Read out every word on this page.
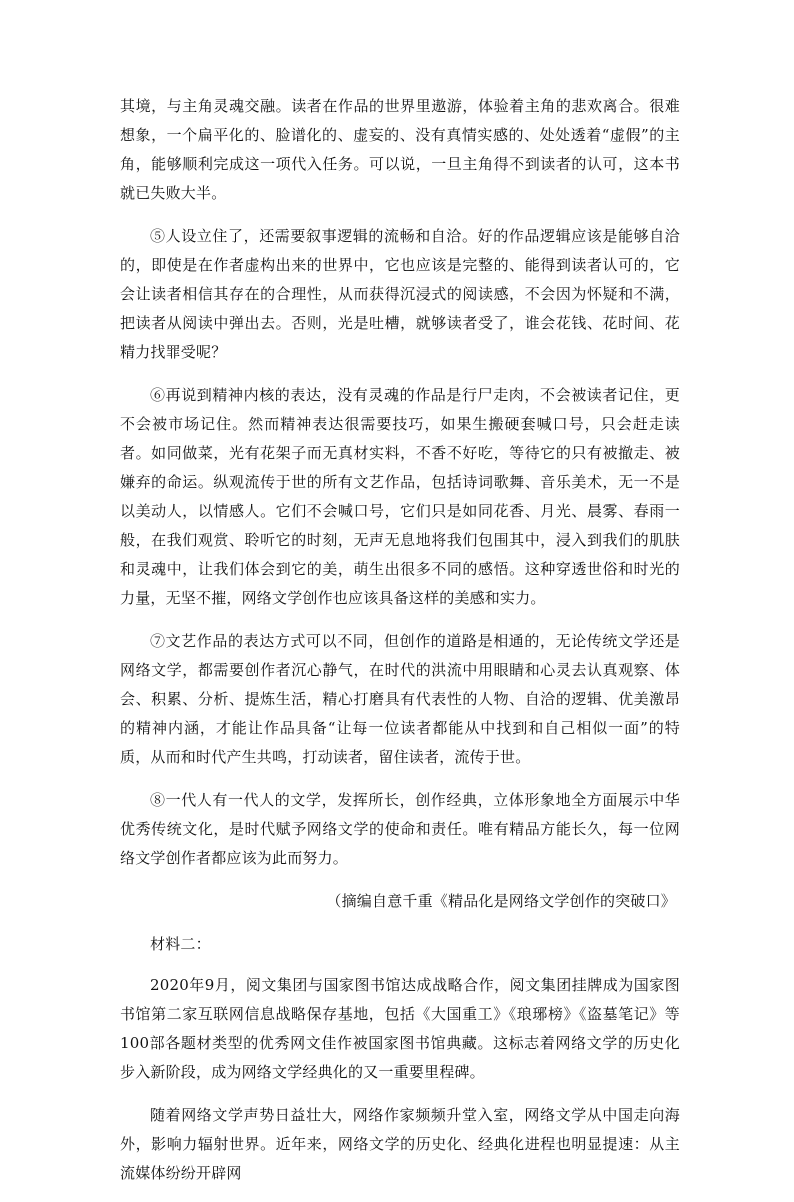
其境，与主角灵魂交融。读者在作品的世界里遨游，体验着主角的悲欢离合。很难想象，一个扁平化的、脸谱化的、虚妄的、没有真情实感的、处处透着“虚假”的主角，能够顺利完成这一项代入任务。可以说，一旦主角得不到读者的认可，这本书就已失败大半。

⑤人设立住了，还需要叙事逻辑的流畅和自洽。好的作品逻辑应该是能够自洽的，即使是在作者虚构出来的世界中，它也应该是完整的、能得到读者认可的，它会让读者相信其存在的合理性，从而获得沉浸式的阅读感，不会因为怀疑和不满，把读者从阅读中弹出去。否则，光是吐槽，就够读者受了，谁会花钱、花时间、花精力找罪受呢？

⑥再说到精神内核的表达，没有灵魂的作品是行尸走肉，不会被读者记住，更不会被市场记住。然而精神表达很需要技巧，如果生搬硬套喊口号，只会赶走读者。如同做菜，光有花架子而无真材实料，不香不好吃，等待它的只有被撤走、被嫌弃的命运。纵观流传于世的所有文艺作品，包括诗词歌舞、音乐美术，无一不是以美动人，以情感人。它们不会喊口号，它们只是如同花香、月光、晨雾、春雨一般，在我们观赏、聆听它的时刻，无声无息地将我们包围其中，浸入到我们的肌肤和灵魂中，让我们体会到它的美，萌生出很多不同的感悟。这种穿透世俗和时光的力量，无坚不摧，网络文学创作也应该具备这样的美感和实力。

⑦文艺作品的表达方式可以不同，但创作的道路是相通的，无论传统文学还是网络文学，都需要创作者沉心静气，在时代的洪流中用眼睛和心灵去认真观察、体会、积累、分析、提炼生活，精心打磨具有代表性的人物、自洽的逻辑、优美激昂的精神内涵，才能让作品具备“让每一位读者都能从中找到和自己相似一面”的特质，从而和时代产生共鸣，打动读者，留住读者，流传于世。

⑧一代人有一代人的文学，发挥所长，创作经典，立体形象地全方面展示中华优秀传统文化，是时代赋予网络文学的使命和责任。唯有精品方能长久，每一位网络文学创作者都应该为此而努力。

（摘编自意千重《精品化是网络文学创作的突破口》

材料二：

2020年9月，阅文集团与国家图书馆达成战略合作，阅文集团挂牌成为国家图书馆第二家互联网信息战略保存基地，包括《大国重工》《琅琊榜》《盗墓笔记》等100部各题材类型的优秀网文佳作被国家图书馆典藏。这标志着网络文学的历史化步入新阶段，成为网络文学经典化的又一重要里程碑。

随着网络文学声势日益壮大，网络作家频频升堂入室，网络文学从中国走向海外，影响力辐射世界。近年来，网络文学的历史化、经典化进程也明显提速：从主流媒体纷纷开辟网
